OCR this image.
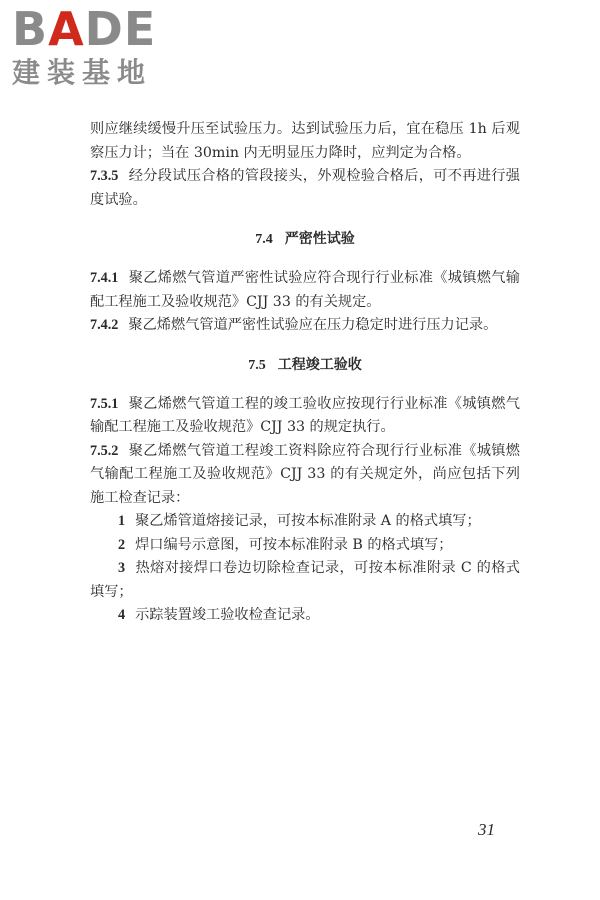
BADE
建装基地

则应继续缓慢升压至试验压力。达到试验压力后，宜在稳压 1h 后观察压力计；当在 30min 内无明显压力降时，应判定为合格。

7.3.5 经分段试压合格的管段接头，外观检验合格后，可不再进行强度试验。

7.4 严密性试验

7.4.1 聚乙烯燃气管道严密性试验应符合现行行业标准《城镇燃气输配工程施工及验收规范》CJJ 33 的有关规定。

7.4.2 聚乙烯燃气管道严密性试验应在压力稳定时进行压力记录。

7.5 工程竣工验收

7.5.1 聚乙烯燃气管道工程的竣工验收应按现行行业标准《城镇燃气输配工程施工及验收规范》CJJ 33 的规定执行。

7.5.2 聚乙烯燃气管道工程竣工资料除应符合现行行业标准《城镇燃气输配工程施工及验收规范》CJJ 33 的有关规定外，尚应包括下列施工检查记录：

1 聚乙烯管道熔接记录，可按本标准附录 A 的格式填写；

2 焊口编号示意图，可按本标准附录 B 的格式填写；

3 热熔对接焊口卷边切除检查记录，可按本标准附录 C 的格式填写；

4 示踪装置竣工验收检查记录。

31
